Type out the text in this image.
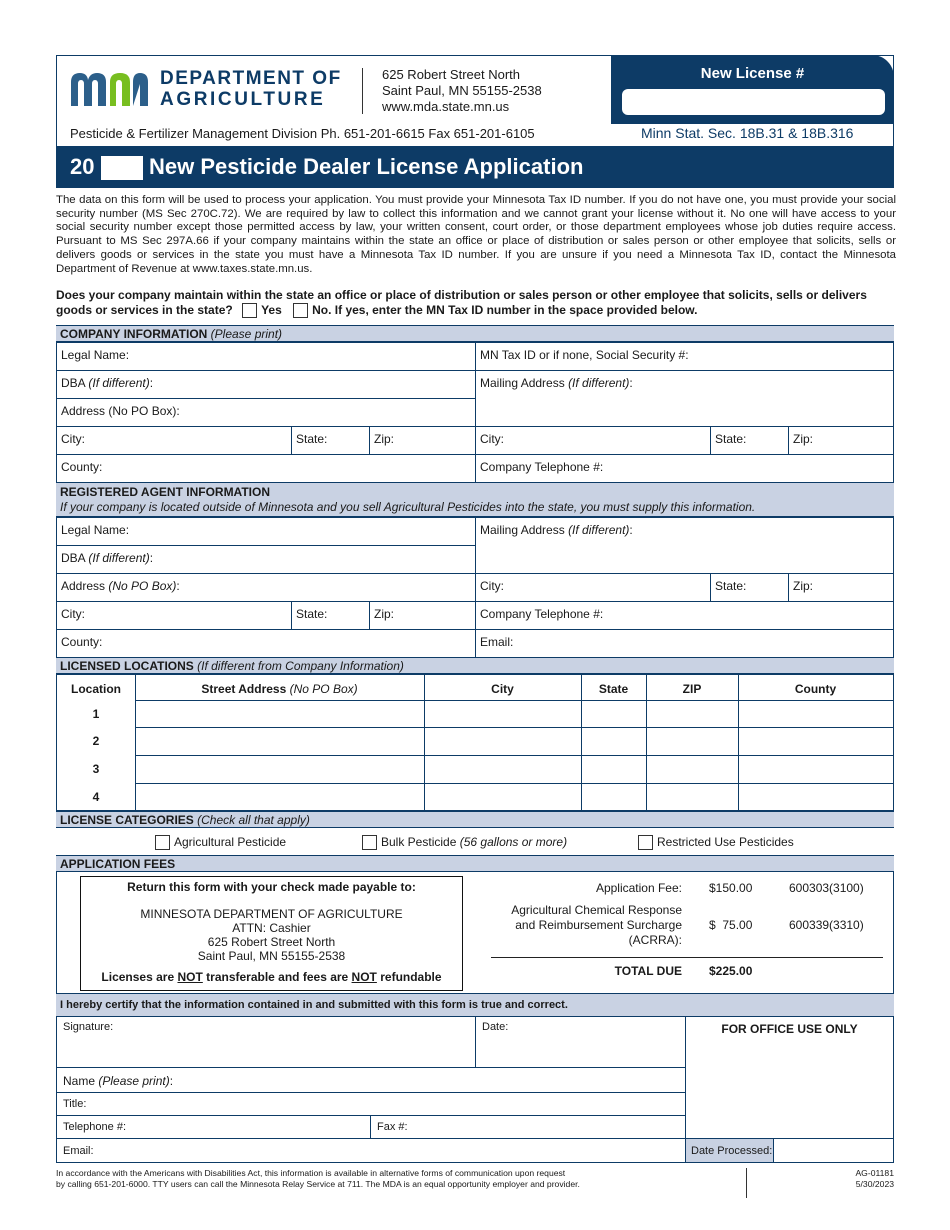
DEPARTMENT OF
AGRICULTURE
625 Robert Street North
Saint Paul, MN 55155-2538
www.mda.state.mn.us
New License #
Pesticide & Fertilizer Management Division Ph. 651-201-6615 Fax 651-201-6105	Minn Stat. Sec. 18B.31 & 18B.316
20 New Pesticide Dealer License Application
The data on this form will be used to process your application. You must provide your Minnesota Tax ID number. If you do not have one, you must provide your social security number (MS Sec 270C.72). We are required by law to collect this information and we cannot grant your license without it. No one will have access to your social security number except those permitted access by law, your written consent, court order, or those department employees whose job duties require access. Pursuant to MS Sec 297A.66 if your company maintains within the state an office or place of distribution or sales person or other employee that solicits, sells or delivers goods or services in the state you must have a Minnesota Tax ID number. If you are unsure if you need a Minnesota Tax ID, contact the Minnesota Department of Revenue at www.taxes.state.mn.us.
Does your company maintain within the state an office or place of distribution or sales person or other employee that solicits, sells or delivers goods or services in the state? Yes	No. If yes, enter the MN Tax ID number in the space provided below.
COMPANY INFORMATION (Please print)
Legal Name:	MN Tax ID or if none, Social Security #:
DBA (If different):	Mailing Address (If different):
Address (No PO Box):
City:	State:	Zip:	City:	State:	Zip:
County:	Company Telephone #:
REGISTERED AGENT INFORMATION
If your company is located outside of Minnesota and you sell Agricultural Pesticides into the state, you must supply this information.
Legal Name:	Mailing Address (If different):
DBA (If different):
Address (No PO Box):	City:	State:	Zip:
City:	State:	Zip:	Company Telephone #:
County:	Email:
LICENSED LOCATIONS (If different from Company Information)
Location	Street Address (No PO Box)	City	State	ZIP	County
1
2
3
4
LICENSE CATEGORIES (Check all that apply)
Agricultural Pesticide	Bulk Pesticide (56 gallons or more)	Restricted Use Pesticides
APPLICATION FEES
Return this form with your check made payable to:
MINNESOTA DEPARTMENT OF AGRICULTURE
ATTN: Cashier
625 Robert Street North
Saint Paul, MN 55155-2538
Licenses are NOT transferable and fees are NOT refundable
Application Fee: $150.00	600303(3100)
Agricultural Chemical Response
and Reimbursement Surcharge
(ACRRA):
$  75.00	600339(3310)
TOTAL DUE $225.00
I hereby certify that the information contained in and submitted with this form is true and correct.
Signature:	Date:	FOR OFFICE USE ONLY
Name (Please print):
Title:
Telephone #:	Fax #:
Email:	Date Processed:
In accordance with the Americans with Disabilities Act, this information is available in alternative forms of communication upon request
by calling 651-201-6000. TTY users can call the Minnesota Relay Service at 711. The MDA is an equal opportunity employer and provider.
AG-01181
5/30/2023
